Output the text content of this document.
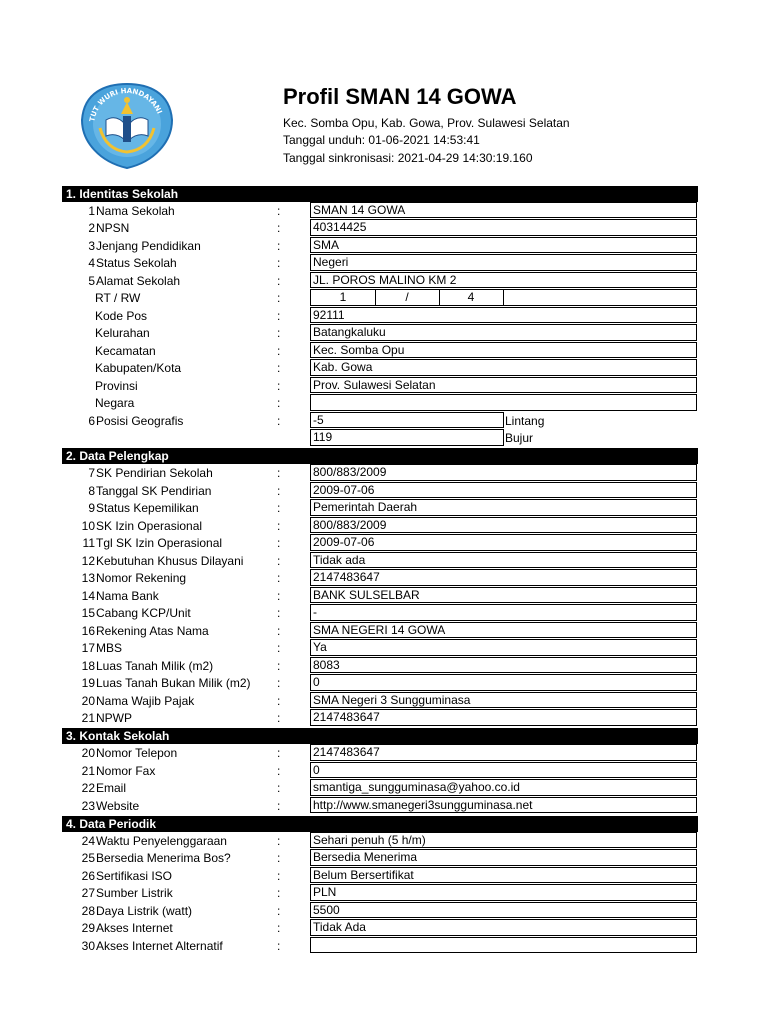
TUT WURI HANDAYANI
Profil SMAN 14 GOWA
Kec. Somba Opu, Kab. Gowa, Prov. Sulawesi Selatan
Tanggal unduh: 01-06-2021 14:53:41
Tanggal sinkronisasi: 2021-04-29 14:30:19.160
1. Identitas Sekolah
1 Nama Sekolah	:	SMAN 14 GOWA
2 NPSN	:	40314425
3 Jenjang Pendidikan	:	SMA
4 Status Sekolah	:	Negeri
5 Alamat Sekolah	:	JL. POROS MALINO KM 2
RT / RW	:	1	/	4
Kode Pos	:	92111
Kelurahan	:	Batangkaluku
Kecamatan	:	Kec. Somba Opu
Kabupaten/Kota	:	Kab. Gowa
Provinsi	:	Prov. Sulawesi Selatan
Negara	:
6 Posisi Geografis	:	-5	Lintang
119	Bujur
2. Data Pelengkap
7 SK Pendirian Sekolah	:	800/883/2009
8 Tanggal SK Pendirian	:	2009-07-06
9 Status Kepemilikan	:	Pemerintah Daerah
10 SK Izin Operasional	:	800/883/2009
11 Tgl SK Izin Operasional	:	2009-07-06
12 Kebutuhan Khusus Dilayani	:	Tidak ada
13 Nomor Rekening	:	2147483647
14 Nama Bank	:	BANK SULSELBAR
15 Cabang KCP/Unit	:	-
16 Rekening Atas Nama	:	SMA NEGERI 14 GOWA
17 MBS	:	Ya
18 Luas Tanah Milik (m2)	:	8083
19 Luas Tanah Bukan Milik (m2) :	0
20 Nama Wajib Pajak	:	SMA Negeri 3 Sungguminasa
21 NPWP	:	2147483647
3. Kontak Sekolah
20 Nomor Telepon	:	2147483647
21 Nomor Fax	:	0
22 Email	:	smantiga_sungguminasa@yahoo.co.id
23 Website	:	http://www.smanegeri3sungguminasa.net
4. Data Periodik
24 Waktu Penyelenggaraan	:	Sehari penuh (5 h/m)
25 Bersedia Menerima Bos?	:	Bersedia Menerima
26 Sertifikasi ISO	:	Belum Bersertifikat
27 Sumber Listrik	:	PLN
28 Daya Listrik (watt)	:	5500
29 Akses Internet	:	Tidak Ada
30 Akses Internet Alternatif	:
